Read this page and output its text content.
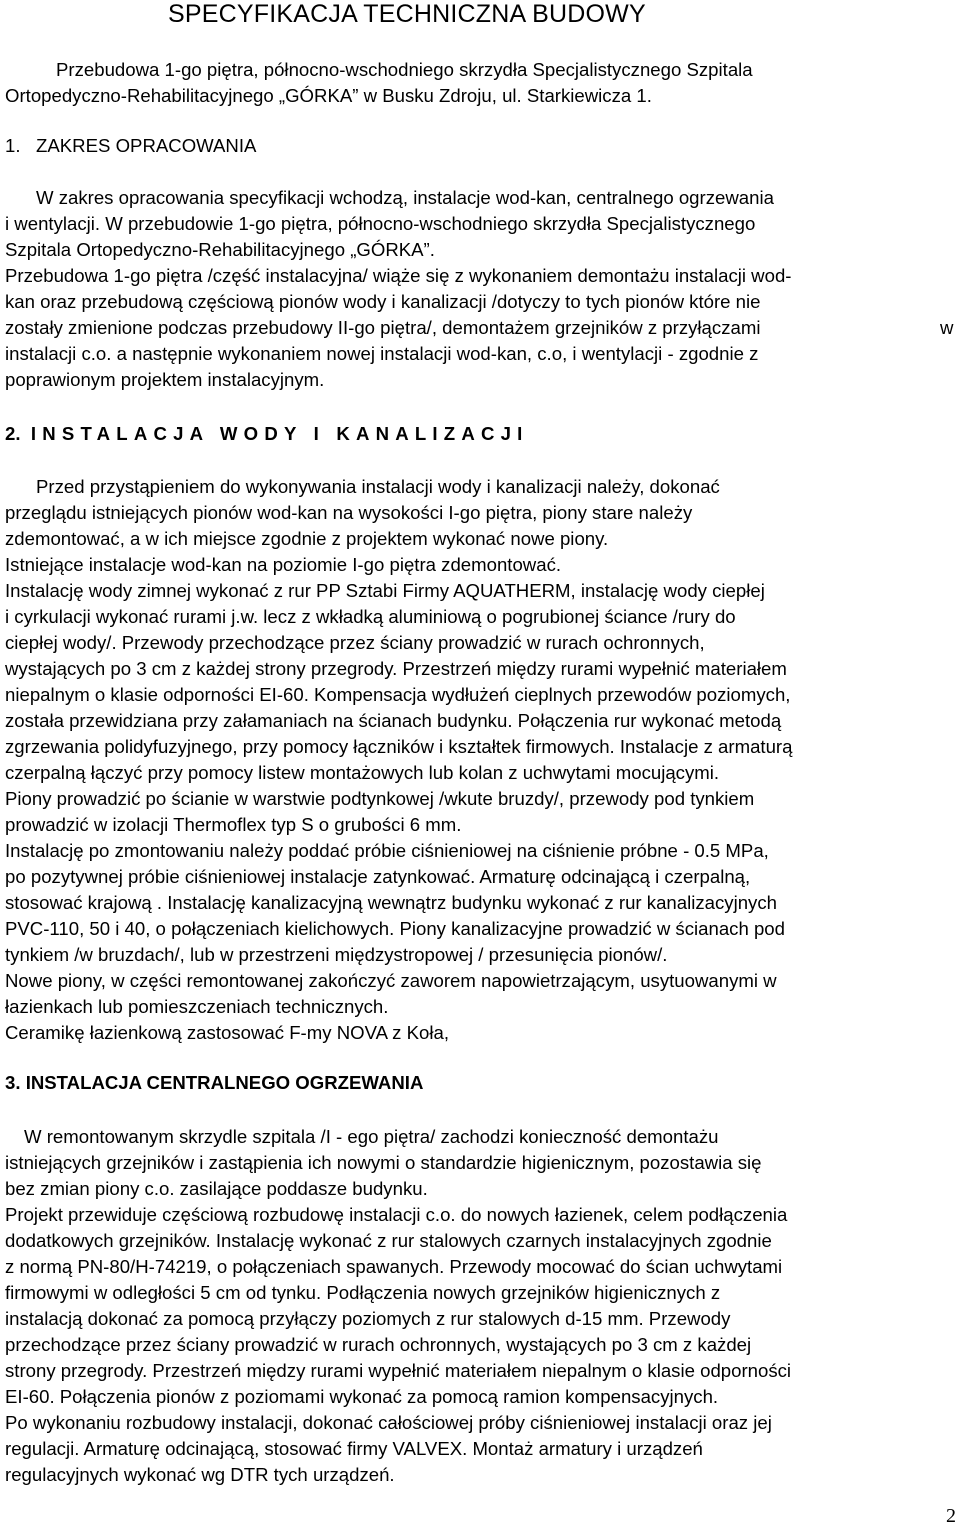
SPECYFIKACJA TECHNICZNA BUDOWY
Przebudowa 1-go piętra, północno-wschodniego skrzydła Specjalistycznego Szpitala
Ortopedyczno-Rehabilitacyjnego „GÓRKA” w Busku Zdroju, ul. Starkiewicza 1.
1. ZAKRES OPRACOWANIA

W zakres opracowania specyfikacji wchodzą, instalacje wod-kan, centralnego ogrzewania

i wentylacji. W przebudowie 1-go piętra, północno-wschodniego skrzydła Specjalistycznego

Szpitala Ortopedyczno-Rehabilitacyjnego „GÓRKA”.

Przebudowa 1-go piętra /część instalacyjna/ wiąże się z wykonaniem demontażu instalacji wod-

kan oraz przebudową częściową pionów wody i kanalizacji /dotyczy to tych pionów które nie

zostały zmienione podczas przebudowy II-go piętra/, demontażem grzejników z przyłączami	w

instalacji c.o. a następnie wykonaniem nowej instalacji wod-kan, c.o, i wentylacji - zgodnie z

poprawionym projektem instalacyjnym.

2. INSTALACJA WODY I KANALIZACJI

Przed przystąpieniem do wykonywania instalacji wody i kanalizacji należy, dokonać

przeglądu istniejących pionów wod-kan na wysokości I-go piętra, piony stare należy

zdemontować, a w ich miejsce zgodnie z projektem wykonać nowe piony.

Istniejące instalacje wod-kan na poziomie I-go piętra zdemontować.

Instalację wody zimnej wykonać z rur PP Sztabi Firmy AQUATHERM, instalację wody ciepłej

i cyrkulacji wykonać rurami j.w. lecz z wkładką aluminiową o pogrubionej ściance /rury do

ciepłej wody/. Przewody przechodzące przez ściany prowadzić w rurach ochronnych,

wystających po 3 cm z każdej strony przegrody. Przestrzeń między rurami wypełnić materiałem

niepalnym o klasie odporności EI-60. Kompensacja wydłużeń cieplnych przewodów poziomych,

została przewidziana przy załamaniach na ścianach budynku. Połączenia rur wykonać metodą

zgrzewania polidyfuzyjnego, przy pomocy łączników i kształtek firmowych. Instalacje z armaturą

czerpalną łączyć przy pomocy listew montażowych lub kolan z uchwytami mocującymi.

Piony prowadzić po ścianie w warstwie podtynkowej /wkute bruzdy/, przewody pod tynkiem

prowadzić w izolacji Thermoflex typ S o grubości 6 mm.

Instalację po zmontowaniu należy poddać próbie ciśnieniowej na ciśnienie próbne - 0.5 MPa,

po pozytywnej próbie ciśnieniowej instalacje zatynkować. Armaturę odcinającą i czerpalną,

stosować krajową . Instalację kanalizacyjną wewnątrz budynku wykonać z rur kanalizacyjnych

PVC-110, 50 i 40, o połączeniach kielichowych. Piony kanalizacyjne prowadzić w ścianach pod

tynkiem /w bruzdach/, lub w przestrzeni międzystropowej / przesunięcia pionów/.

Nowe piony, w części remontowanej zakończyć zaworem napowietrzającym, usytuowanymi w

łazienkach lub pomieszczeniach technicznych.

Ceramikę łazienkową zastosować F-my NOVA z Koła,

3. INSTALACJA CENTRALNEGO OGRZEWANIA

W remontowanym skrzydle szpitala /I - ego piętra/ zachodzi konieczność demontażu

istniejących grzejników i zastąpienia ich nowymi o standardzie higienicznym, pozostawia się

bez zmian piony c.o. zasilające poddasze budynku.

Projekt przewiduje częściową rozbudowę instalacji c.o. do nowych łazienek, celem podłączenia

dodatkowych grzejników. Instalację wykonać z rur stalowych czarnych instalacyjnych zgodnie

z normą PN-80/H-74219, o połączeniach spawanych. Przewody mocować do ścian uchwytami

firmowymi w odległości 5 cm od tynku. Podłączenia nowych grzejników higienicznych z

instalacją dokonać za pomocą przyłączy poziomych z rur stalowych d-15 mm. Przewody

przechodzące przez ściany prowadzić w rurach ochronnych, wystających po 3 cm z każdej

strony przegrody. Przestrzeń między rurami wypełnić materiałem niepalnym o klasie odporności

EI-60. Połączenia pionów z poziomami wykonać za pomocą ramion kompensacyjnych.

Po wykonaniu rozbudowy instalacji, dokonać całościowej próby ciśnieniowej instalacji oraz jej

regulacji. Armaturę odcinającą, stosować firmy VALVEX. Montaż armatury i urządzeń

regulacyjnych wykonać wg DTR tych urządzeń.

2
